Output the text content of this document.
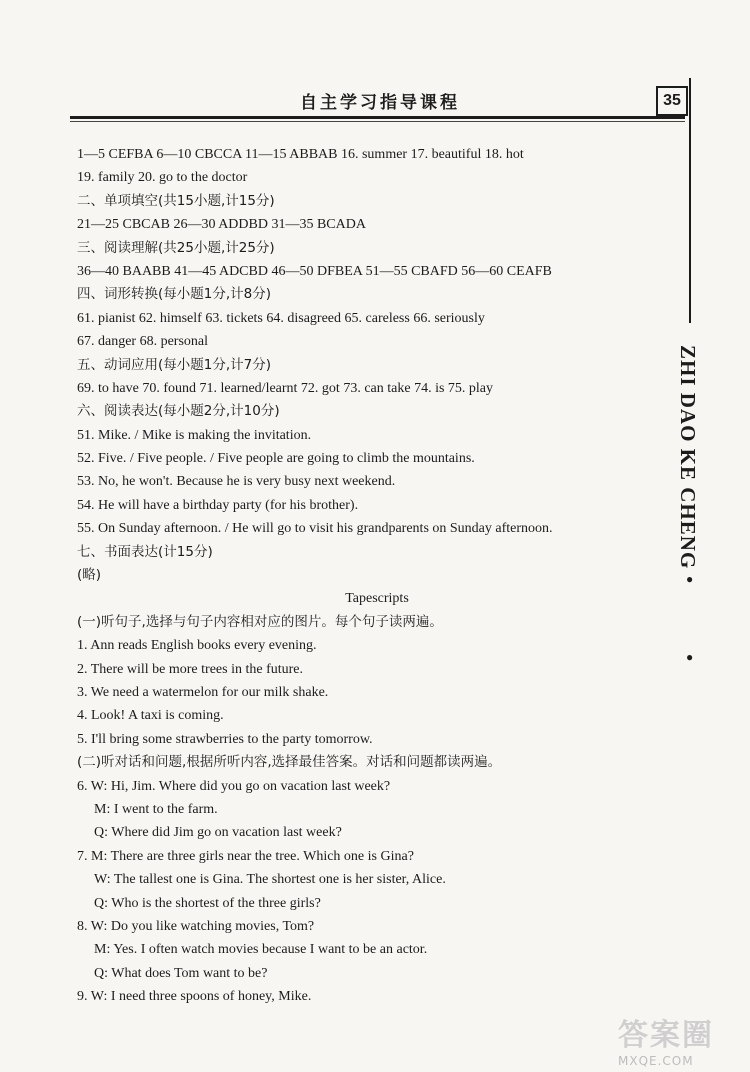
自主学习指导课程	35
ZHI DAO KE CHENG
●
●
1—5 CEFBA 6—10 CBCCA 11—15 ABBAB 16. summer 17. beautiful 18. hot
19. family 20. go to the doctor
二、单项填空(共15小题,计15分)
21—25 CBCAB 26—30 ADDBD 31—35 BCADA
三、阅读理解(共25小题,计25分)
36—40 BAABB 41—45 ADCBD 46—50 DFBEA 51—55 CBAFD 56—60 CEAFB
四、词形转换(每小题1分,计8分)
61. pianist 62. himself 63. tickets 64. disagreed 65. careless 66. seriously
67. danger 68. personal
五、动词应用(每小题1分,计7分)
69. to have 70. found 71. learned/learnt 72. got 73. can take 74. is 75. play
六、阅读表达(每小题2分,计10分)
51. Mike. / Mike is making the invitation.
52. Five. / Five people. / Five people are going to climb the mountains.
53. No, he won't. Because he is very busy next weekend.
54. He will have a birthday party (for his brother).
55. On Sunday afternoon. / He will go to visit his grandparents on Sunday afternoon.
七、书面表达(计15分)
(略)
Tapescripts
(一)听句子,选择与句子内容相对应的图片。每个句子读两遍。
1. Ann reads English books every evening.
2. There will be more trees in the future.
3. We need a watermelon for our milk shake.
4. Look! A taxi is coming.
5. I'll bring some strawberries to the party tomorrow.
(二)听对话和问题,根据所听内容,选择最佳答案。对话和问题都读两遍。
6. W: Hi, Jim. Where did you go on vacation last week?
M: I went to the farm.
Q: Where did Jim go on vacation last week?
7. M: There are three girls near the tree. Which one is Gina?
W: The tallest one is Gina. The shortest one is her sister, Alice.
Q: Who is the shortest of the three girls?
8. W: Do you like watching movies, Tom?
M: Yes. I often watch movies because I want to be an actor.
Q: What does Tom want to be?
9. W: I need three spoons of honey, Mike.
答案圈
MXQE.COM
